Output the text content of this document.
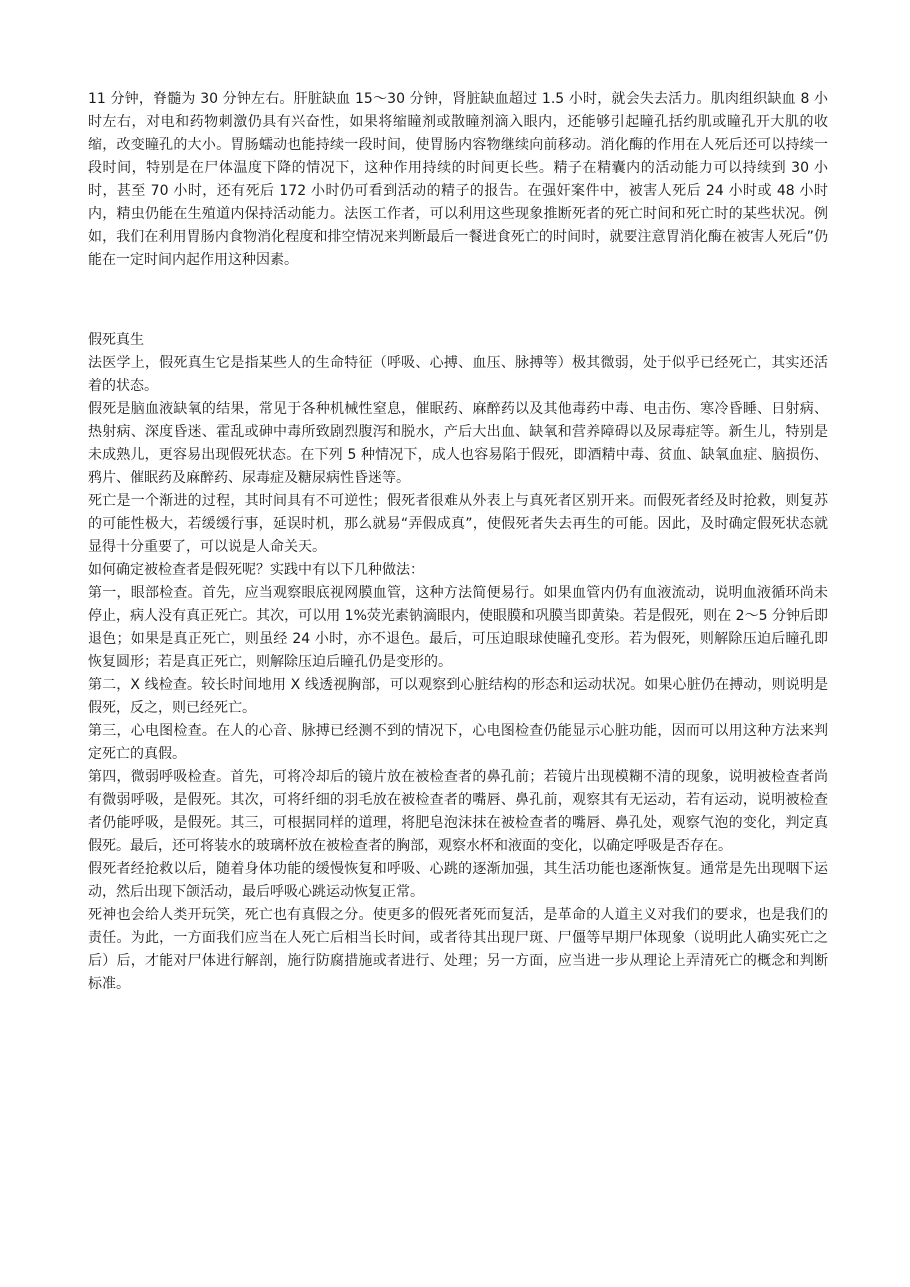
11 分钟，脊髓为 30 分钟左右。肝脏缺血 15～30 分钟，肾脏缺血超过 1.5 小时，就会失去活力。肌肉组织缺血 8 小时左右，对电和药物刺激仍具有兴奋性，如果将缩瞳剂或散瞳剂滴入眼内，还能够引起瞳孔括约肌或瞳孔开大肌的收缩，改变瞳孔的大小。胃肠蠕动也能持续一段时间，使胃肠内容物继续向前移动。消化酶的作用在人死后还可以持续一段时间，特别是在尸体温度下降的情况下，这种作用持续的时间更长些。精子在精囊内的活动能力可以持续到 30 小时，甚至 70 小时，还有死后 172 小时仍可看到活动的精子的报告。在强奸案件中，被害人死后 24 小时或 48 小时内，精虫仍能在生殖道内保持活动能力。法医工作者，可以利用这些现象推断死者的死亡时间和死亡时的某些状况。例如，我们在利用胃肠内食物消化程度和排空情况来判断最后一餐进食死亡的时间时，就要注意胃消化酶在被害人死后”仍能在一定时间内起作用这种因素。

假死真生

法医学上，假死真生它是指某些人的生命特征（呼吸、心搏、血压、脉搏等）极其微弱，处于似乎已经死亡，其实还活着的状态。

假死是脑血液缺氧的结果，常见于各种机械性窒息，催眠药、麻醉药以及其他毒药中毒、电击伤、寒冷昏睡、日射病、热射病、深度昏迷、霍乱或砷中毒所致剧烈腹泻和脱水，产后大出血、缺氧和营养障碍以及尿毒症等。新生儿，特别是未成熟儿，更容易出现假死状态。在下列 5 种情况下，成人也容易陷于假死，即酒精中毒、贫血、缺氧血症、脑损伤、鸦片、催眠药及麻醉药、尿毒症及糖尿病性昏迷等。

死亡是一个渐进的过程，其时间具有不可逆性；假死者很难从外表上与真死者区别开来。而假死者经及时抢救，则复苏的可能性极大，若缓缓行事，延误时机，那么就易“弄假成真”，使假死者失去再生的可能。因此，及时确定假死状态就显得十分重要了，可以说是人命关天。

如何确定被检查者是假死呢？实践中有以下几种做法：

第一，眼部检查。首先，应当观察眼底视网膜血管，这种方法简便易行。如果血管内仍有血液流动，说明血液循环尚未停止，病人没有真正死亡。其次，可以用 1%荧光素钠滴眼内，使眼膜和巩膜当即黄染。若是假死，则在 2～5 分钟后即退色；如果是真正死亡，则虽经 24 小时，亦不退色。最后，可压迫眼球使瞳孔变形。若为假死，则解除压迫后瞳孔即恢复圆形；若是真正死亡，则解除压迫后瞳孔仍是变形的。

第二，X 线检查。较长时间地用 X 线透视胸部，可以观察到心脏结构的形态和运动状况。如果心脏仍在搏动，则说明是假死，反之，则已经死亡。

第三，心电图检查。在人的心音、脉搏已经测不到的情况下，心电图检查仍能显示心脏功能，因而可以用这种方法来判定死亡的真假。

第四，微弱呼吸检查。首先，可将冷却后的镜片放在被检查者的鼻孔前；若镜片出现模糊不清的现象，说明被检查者尚有微弱呼吸，是假死。其次，可将纤细的羽毛放在被检查者的嘴唇、鼻孔前，观察其有无运动，若有运动，说明被检查者仍能呼吸，是假死。其三，可根据同样的道理，将肥皂泡沫抹在被检查者的嘴唇、鼻孔处，观察气泡的变化，判定真假死。最后，还可将装水的玻璃杯放在被检查者的胸部，观察水杯和液面的变化，以确定呼吸是否存在。

假死者经抢救以后，随着身体功能的缓慢恢复和呼吸、心跳的逐渐加强，其生活功能也逐渐恢复。通常是先出现咽下运动，然后出现下颌活动，最后呼吸心跳运动恢复正常。

死神也会给人类开玩笑，死亡也有真假之分。使更多的假死者死而复活，是革命的人道主义对我们的要求，也是我们的责任。为此，一方面我们应当在人死亡后相当长时间，或者待其出现尸斑、尸僵等早期尸体现象（说明此人确实死亡之后）后，才能对尸体进行解剖，施行防腐措施或者进行、处理；另一方面，应当进一步从理论上弄清死亡的概念和判断标准。
